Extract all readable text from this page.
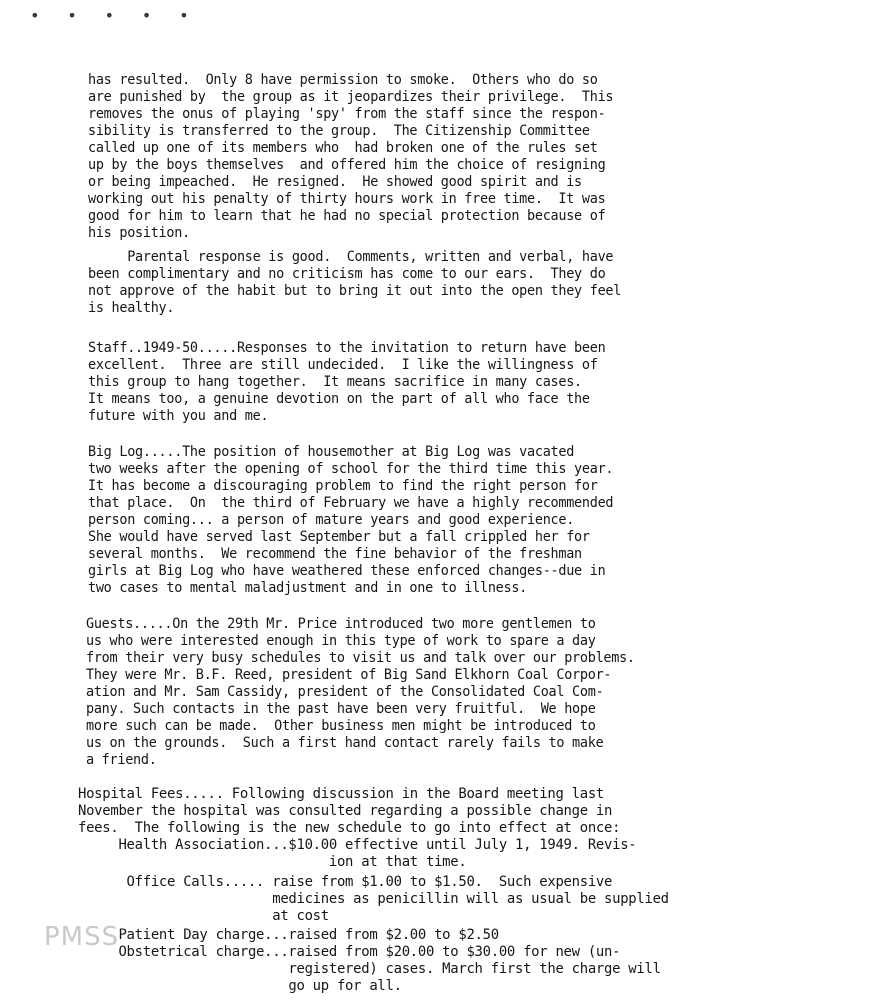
• • • • •
has resulted.  Only 8 have permission to smoke.  Others who do so
are punished by  the group as it jeopardizes their privilege.  This
removes the onus of playing 'spy' from the staff since the respon-
sibility is transferred to the group.  The Citizenship Committee
called up one of its members who  had broken one of the rules set
up by the boys themselves  and offered him the choice of resigning
or being impeached.  He resigned.  He showed good spirit and is
working out his penalty of thirty hours work in free time.  It was
good for him to learn that he had no special protection because of
his position.
Parental response is good.  Comments, written and verbal, have
been complimentary and no criticism has come to our ears.  They do
not approve of the habit but to bring it out into the open they feel
is healthy.
Staff..1949-50.....Responses to the invitation to return have been
excellent.  Three are still undecided.  I like the willingness of
this group to hang together.  It means sacrifice in many cases.
It means too, a genuine devotion on the part of all who face the
future with you and me.
Big Log.....The position of housemother at Big Log was vacated
two weeks after the opening of school for the third time this year.
It has become a discouraging problem to find the right person for
that place.  On  the third of February we have a highly recommended
person coming... a person of mature years and good experience.
She would have served last September but a fall crippled her for
several months.  We recommend the fine behavior of the freshman
girls at Big Log who have weathered these enforced changes--due in
two cases to mental maladjustment and in one to illness.
Guests.....On the 29th Mr. Price introduced two more gentlemen to
us who were interested enough in this type of work to spare a day
from their very busy schedules to visit us and talk over our problems.
They were Mr. B.F. Reed, president of Big Sand Elkhorn Coal Corpor-
ation and Mr. Sam Cassidy, president of the Consolidated Coal Com-
pany. Such contacts in the past have been very fruitful.  We hope
more such can be made.  Other business men might be introduced to
us on the grounds.  Such a first hand contact rarely fails to make
a friend.
Hospital Fees..... Following discussion in the Board meeting last
November the hospital was consulted regarding a possible change in
fees.  The following is the new schedule to go into effect at once:
Health Association...$10.00 effective until July 1, 1949. Revis-
ion at that time.
Office Calls..... raise from $1.00 to $1.50.  Such expensive
medicines as penicillin will as usual be supplied
at cost
Patient Day charge...raised from $2.00 to $2.50
Obstetrical charge...raised from $20.00 to $30.00 for new (un-
registered) cases. March first the charge will
go up for all.
PMSS
